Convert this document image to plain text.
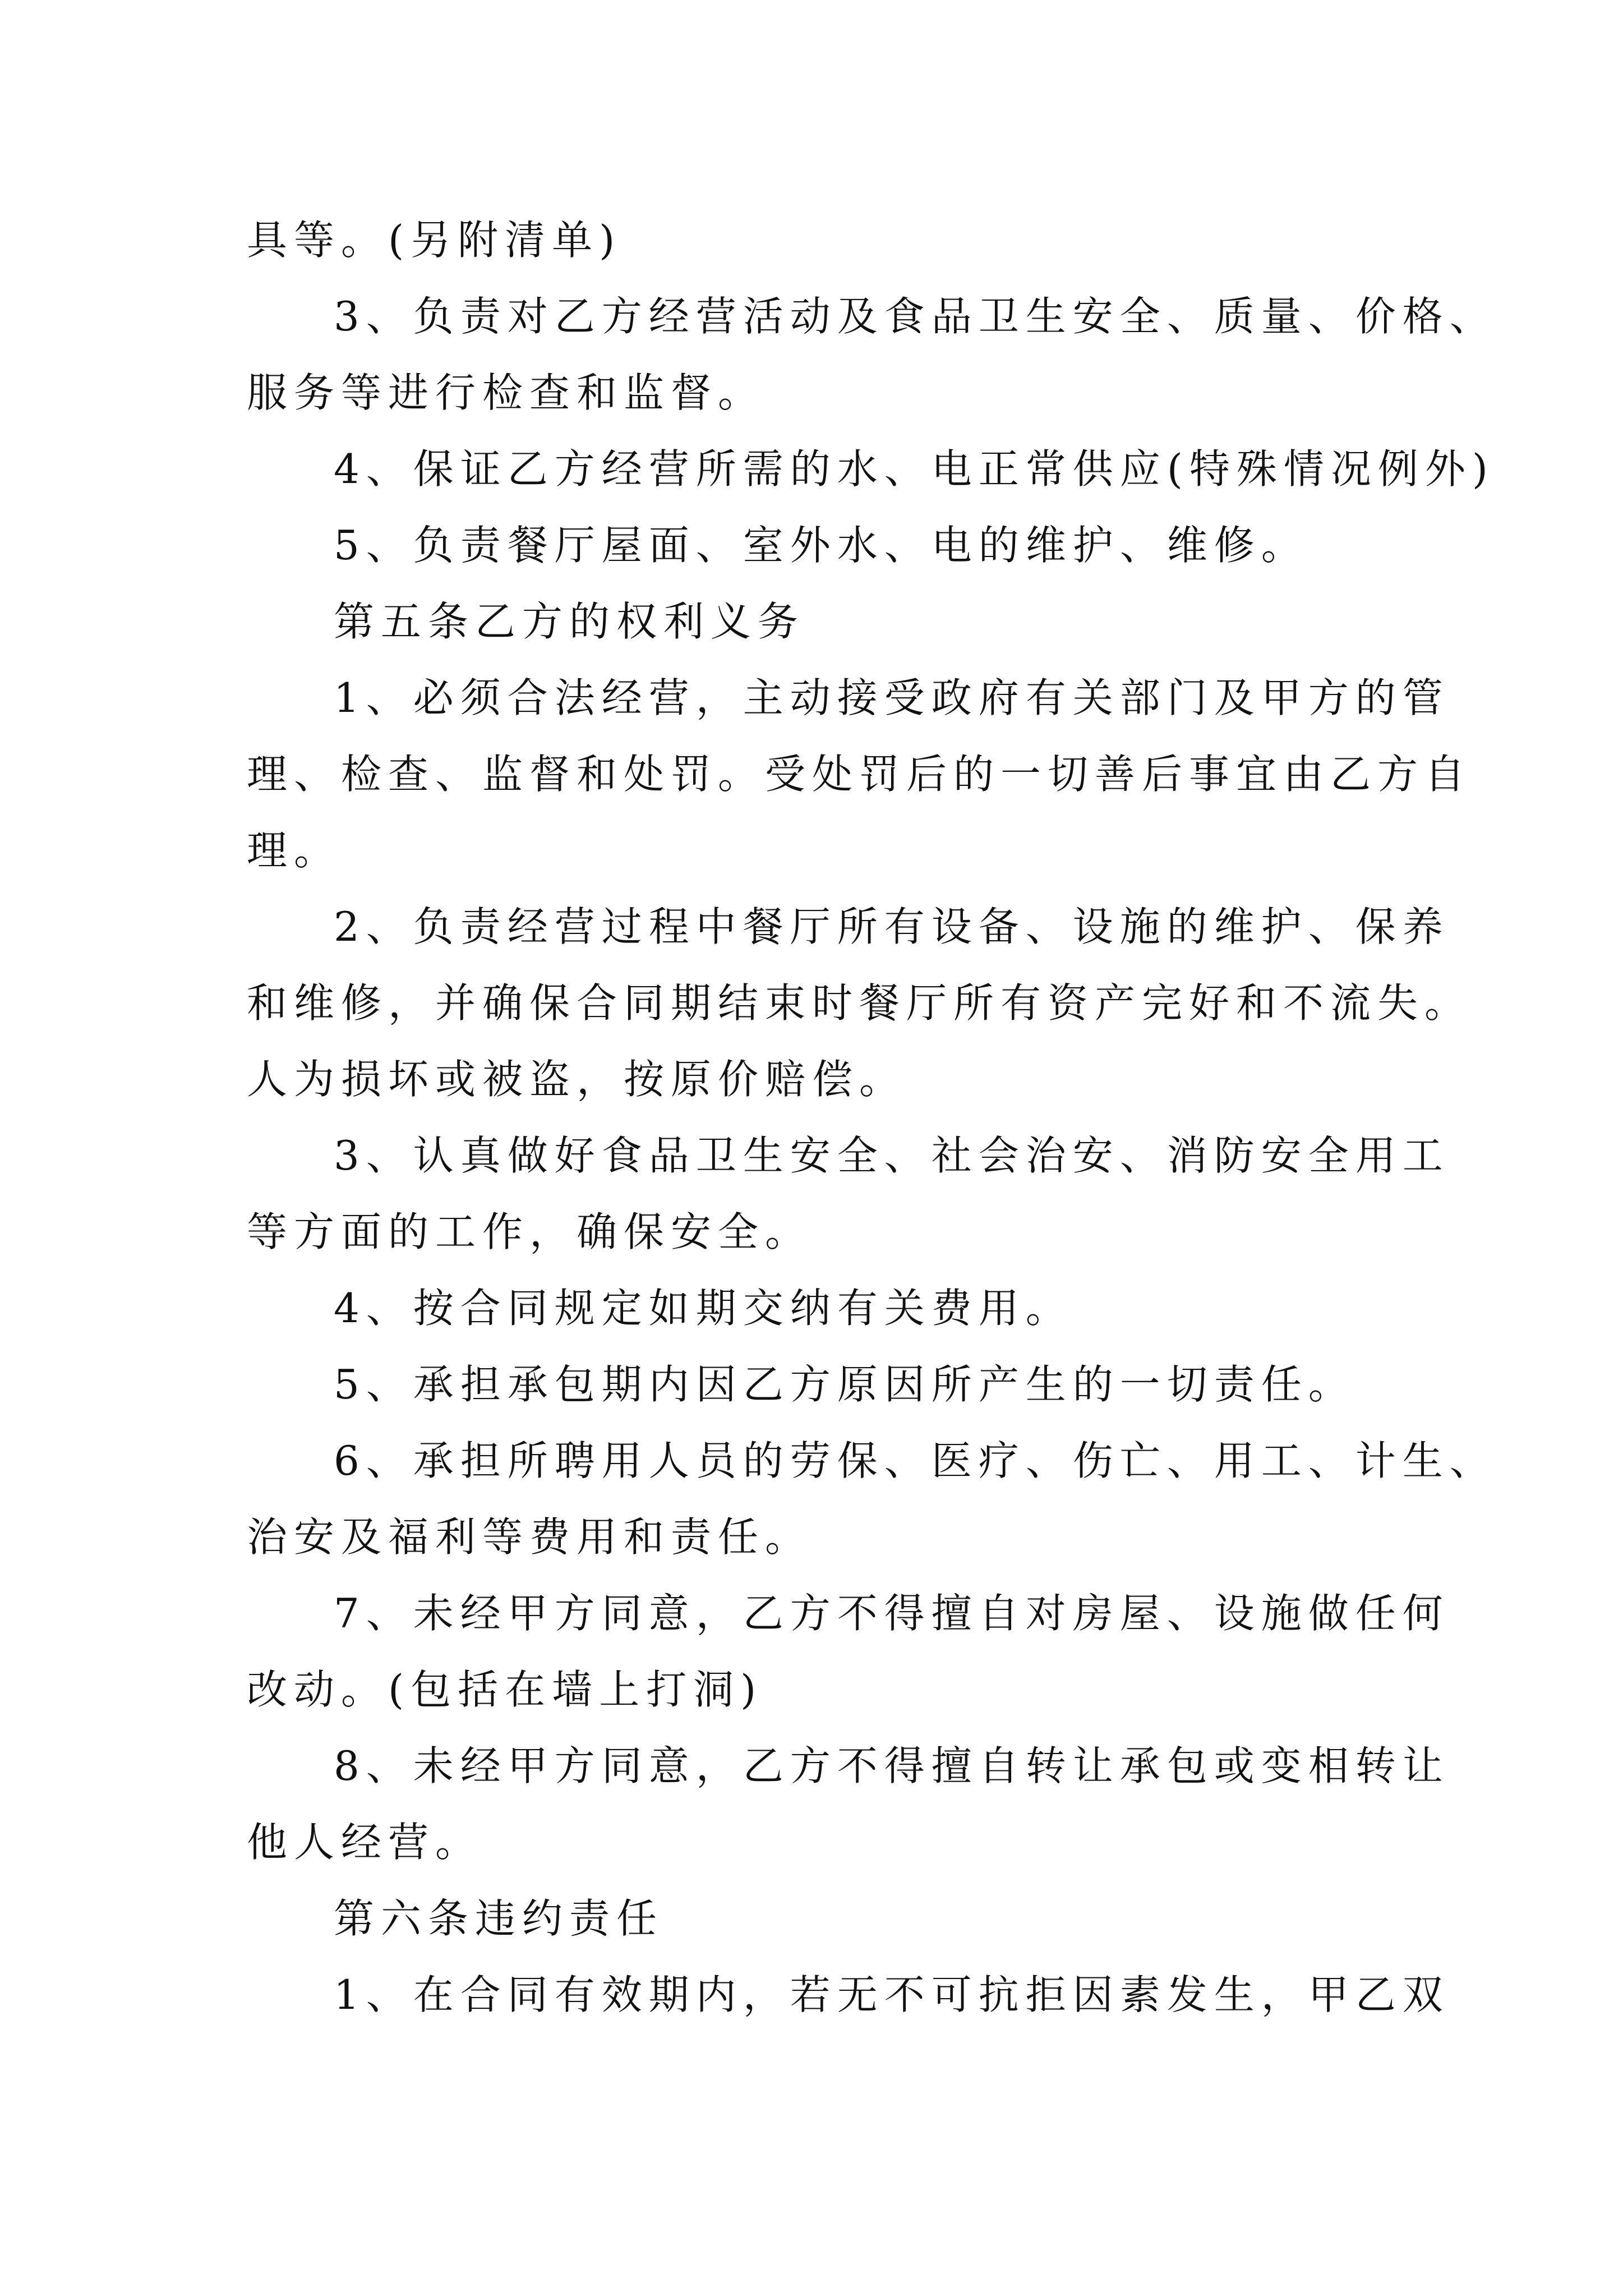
具等。(另附清单)

3、负责对乙方经营活动及食品卫生安全、质量、价格、

服务等进行检查和监督。

4、保证乙方经营所需的水、电正常供应(特殊情况例外)

5、负责餐厅屋面、室外水、电的维护、维修。

第五条乙方的权利义务

1、必须合法经营，主动接受政府有关部门及甲方的管

理、检查、监督和处罚。受处罚后的一切善后事宜由乙方自

理。

2、负责经营过程中餐厅所有设备、设施的维护、保养

和维修，并确保合同期结束时餐厅所有资产完好和不流失。

人为损坏或被盗，按原价赔偿。

3、认真做好食品卫生安全、社会治安、消防安全用工

等方面的工作，确保安全。

4、按合同规定如期交纳有关费用。

5、承担承包期内因乙方原因所产生的一切责任。

6、承担所聘用人员的劳保、医疗、伤亡、用工、计生、

治安及福利等费用和责任。

7、未经甲方同意，乙方不得擅自对房屋、设施做任何

改动。(包括在墙上打洞)

8、未经甲方同意，乙方不得擅自转让承包或变相转让

他人经营。

第六条违约责任

1、在合同有效期内，若无不可抗拒因素发生，甲乙双
